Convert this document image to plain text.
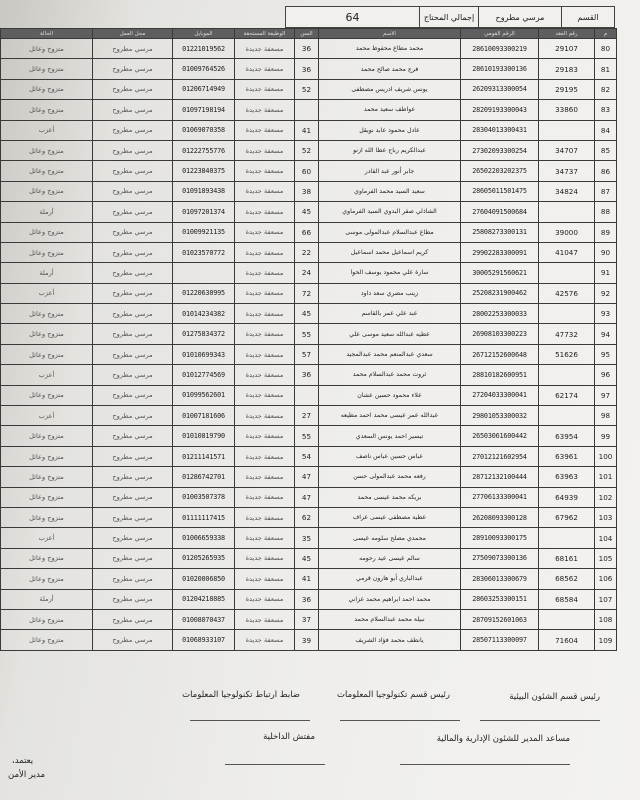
القسم
مرسي مطروح
إجمالي المحتاج
64
م	رقم العقد	الرقم القومي	الاسم	السن	الوظيفة المستحقة	الموبايل	محل العمل	الحالة
80	29107	28610093300219	محمد مطاع محفوظ محمد	36	مسعفة جديدة	01221019562	مرسي مطروح	متزوج وعائل
81	29183	28610193300136	فرج محمد صالح محمد	36	مسعفة جديدة	01009764526	مرسي مطروح	متزوج وعائل
82	29195	26209313300054	يونس شريف ادريس مصطفى	52	مسعفة جديدة	01206714949	مرسي مطروح	متزوج وعائل
83	33860	28209193300043	عواطف سعيد محمد		مسعفة جديدة	01097198194	مرسي مطروح	متزوج وعائل
84		28304013300431	عادل محمود عابد نويقل	41	مسعفة جديدة	01069070358	مرسي مطروح	أعزب
85	34707	27302093300254	عبدالكريم رباح عطا الله ازنو	52	مسعفة جديدة	01222755776	مرسي مطروح	متزوج وعائل
86	34737	26502203202375	جابر أنور عبد القادر	60	مسعفة جديدة	01223840375	مرسي مطروح	متزوج وعائل
87	34824	28605011501475	سعيد السيد محمد الفرماوي	38	مسعفة جديدة	01091893438	مرسي مطروح	متزوج وعائل
88		27604091500684	الشاذلي صقر البدوي السيد الفرماوي	45	مسعفة جديدة	01097201374	مرسي مطروح	أرملة
89	39000	25808273300131	مطاع عبدالسلام عبدالمولى موسى	66	مسعفة جديدة	01009921135	مرسي مطروح	متزوج وعائل
90	41047	29902283300091	كريم اسماعيل محمد اسماعيل	22	مسعفة جديدة	01023570772	مرسي مطروح	متزوج وعائل
91		30005291560621	سارة علي محمود يوسف الحوا	24	مسعفة جديدة		مرسي مطروح	أرملة
92	42576	25208231900462	زينب مصري سعد داود	72	مسعفة جديدة	01220630995	مرسي مطروح	أعزب
93		28002253300033	عبد علي عمر بالقاسم	45	مسعفة جديدة	01014234382	مرسي مطروح	متزوج وعائل
94	47732	26908103300223	عطيه عبدالله سعيد موسى علي	55	مسعفة جديدة	01275834372	مرسي مطروح	متزوج وعائل
95	51626	26712152600648	سعدي عبدالمنعم محمد عبدالمجيد	57	مسعفة جديدة	01010699343	مرسي مطروح	متزوج وعائل
96		28810182600951	ثروت محمد عبدالسلام محمد	36	مسعفة جديدة	01012774569	مرسي مطروح	أعزب
97	62174	27204033300041	علاء محمود حسين عشان		مسعفة جديدة	01099562601	مرسي مطروح	متزوج وعائل
98		29801053300032	عبدالله عمر عيسى محمد احمد مطيعه	27	مسعفة جديدة	01007181606	مرسي مطروح	أعزب
99	63954	26503061600442	تيسير احمد يونس السعدي	55	مسعفة جديدة	01010819790	مرسي مطروح	متزوج وعائل
100	63961	27012121602954	عباس حسين عباس ناصف	54	مسعفة جديدة	01211141571	مرسي مطروح	متزوج وعائل
101	63963	28712132100444	رفعه محمد عبدالمولى حسن	47	مسعفة جديدة	01286742701	مرسي مطروح	متزوج وعائل
102	64939	27706133300041	بريكه محمد عيسى محمد	47	مسعفة جديدة	01003507378	مرسي مطروح	متزوج وعائل
103	67962	26208093300128	عطية مصطفى عيسى عراف	62	مسعفة جديدة	01111117415	مرسي مطروح	متزوج وعائل
104		28910093300175	محمدي مصلح سلومه عيسى	35	مسعفة جديدة	01006659338	مرسي مطروح	أعزب
105	68161	27509073300136	سالم عيسى عيد رحومه	45	مسعفة جديدة	01205265935	مرسي مطروح	متزوج وعائل
106	68562	28306013300679	عبدالباري أبو هارون قرمي	41	مسعفة جديدة	01020006850	مرسي مطروح	متزوج وعائل
107	68584	28603253300151	محمد احمد ابراهيم محمد عزاني	36	مسعفة جديدة	01204218885	مرسي مطروح	أرملة
108		28709152601063	نبيلة محمد عبدالسلام محمد	37	مسعفة جديدة	01008070437	مرسي مطروح	متزوج وعائل
109	71604	28507113300097	يانطف محمد فؤاد الشريف	39	مسعفة جديدة	01068933107	مرسي مطروح	متزوج وعائل
رئيس قسم الشئون البيئية
رئيس قسم تكنولوجيا المعلومات
ضابط ارتباط تكنولوجيا المعلومات
مساعد المدير للشئون الإدارية والمالية
مفتش الداخلية
يعتمد،
مدير الأمن
